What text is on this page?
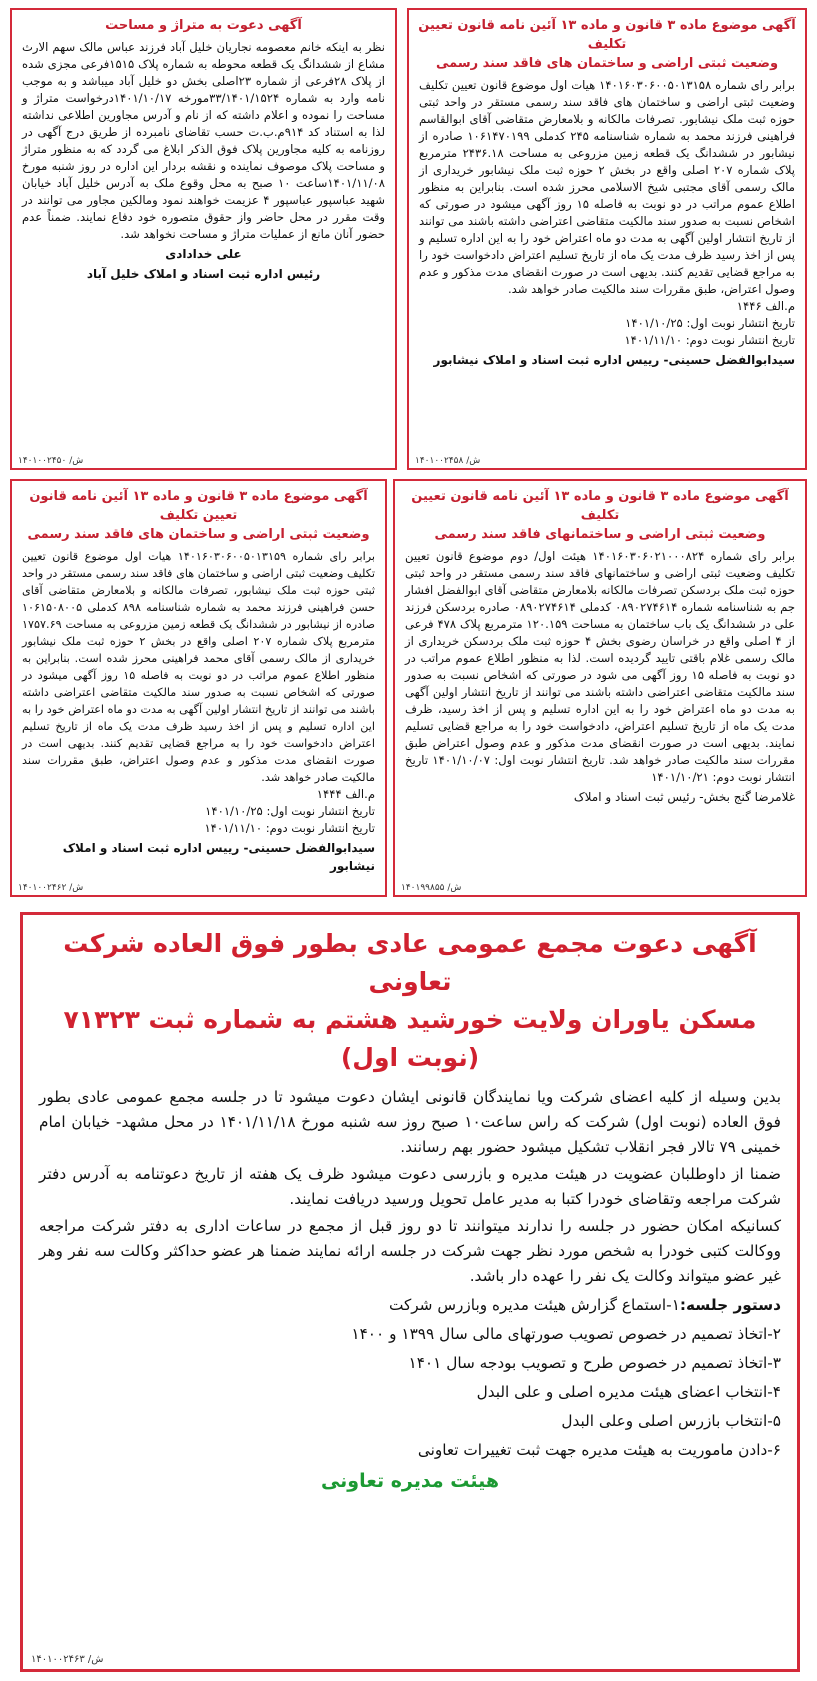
آگهی موضوع ماده ۳ قانون و ماده ۱۳ آئین نامه قانون تعیین تکلیف
وضعیت ثبتی اراضی و ساختمان های فاقد سند رسمی

برابر رای شماره ۱۴۰۱۶۰۳۰۶۰۰۵۰۱۳۱۵۸ هیات اول موضوع قانون تعیین تکلیف وضعیت ثبتی اراضی و ساختمان های فاقد سند رسمی مستقر در واحد ثبتی حوزه ثبت ملک نیشابور. تصرفات مالکانه و بلامعارض متقاضی آقای ابوالقاسم فراهینی فرزند محمد به شماره شناسنامه ۲۴۵ کدملی ۱۰۶۱۴۷۰۱۹۹ صادره از نیشابور در ششدانگ یک قطعه زمین مزروعی به مساحت ۲۴۳۶.۱۸ مترمربع پلاک شماره ۲۰۷ اصلی واقع در بخش ۲ حوزه ثبت ملک نیشابور خریداری از مالک رسمی آقای مجتبی شیخ الاسلامی محرز شده است. بنابراین به منظور اطلاع عموم مراتب در دو نوبت به فاصله ۱۵ روز آگهی میشود در صورتی که اشخاص نسبت به صدور سند مالکیت متقاضی اعتراضی داشته باشند می توانند از تاریخ انتشار اولین آگهی به مدت دو ماه اعتراض خود را به این اداره تسلیم و پس از اخذ رسید ظرف مدت یک ماه از تاریخ تسلیم اعتراض دادخواست خود را به مراجع قضایی تقدیم کنند. بدیهی است در صورت انقضای مدت مذکور و عدم وصول اعتراض، طبق مقررات سند مالکیت صادر خواهد شد.

م.الف ۱۴۴۶
تاریخ انتشار نوبت اول: ۱۴۰۱/۱۰/۲۵
تاریخ انتشار نوبت دوم: ۱۴۰۱/۱۱/۱۰
سیدابوالفضل حسینی- رییس اداره ثبت اسناد و املاک نیشابور
۱۴۰۱۰۰۲۴۵۸ /ش
آگهی دعوت به متراژ و مساحت

نظر به اینکه خانم معصومه نجاریان خلیل آباد فرزند عباس مالک سهم الارث مشاع از ششدانگ یک قطعه محوطه به شماره پلاک ۱۵۱۵فرعی مجزی شده از پلاک ۲۸فرعی از شماره ۲۳اصلی بخش دو خلیل آباد میباشد و به موجب نامه وارد به شماره ۳۳/۱۴۰۱/۱۵۲۴مورخه ۱۴۰۱/۱۰/۱۷درخواست متراژ و مساحت را نموده و اعلام داشته که از نام و آدرس مجاورین اطلاعی نداشته لذا به استناد کد ۹۱۴م.ب.ت حسب تقاضای نامبرده از طریق درج آگهی در روزنامه به کلیه مجاورین پلاک فوق الذکر ابلاغ می گردد که به منظور متراژ و مساحت پلاک موصوف نماینده و نقشه بردار این اداره در روز شنبه مورخ ۱۴۰۱/۱۱/۰۸ساعت ۱۰ صبح به محل وقوع ملک به آدرس خلیل آباد خیابان شهید عباسپور عباسپور ۴ عزیمت خواهند نمود ومالکین مجاور می توانند در وقت مقرر در محل حاضر واز حقوق متصوره خود دفاع نمایند. ضمناً عدم حضور آنان مانع از عملیات متراژ و مساحت نخواهد شد.

علی خدادادی
رئیس اداره ثبت اسناد و املاک خلیل آباد
۱۴۰۱۰۰۲۴۵۰ /ش
آگهی موضوع ماده ۳ قانون و ماده ۱۳ آئین نامه قانون تعیین تکلیف
وضعیت ثبتی اراضی و ساختمانهای فاقد سند رسمی

برابر رای شماره ۱۴۰۱۶۰۳۰۶۰۲۱۰۰۰۸۲۴ هیئت اول/ دوم موضوع قانون تعیین تکلیف وضعیت ثبتی اراضی و ساختمانهای فاقد سند رسمی مستقر در واحد ثبتی حوزه ثبت ملک بردسکن تصرفات مالکانه بلامعارض متقاضی آقای ابوالفضل افشار جم به شناسنامه شماره ۰۸۹۰۲۷۴۶۱۴ کدملی ۰۸۹۰۲۷۴۶۱۴ صادره بردسکن فرزند علی در ششدانگ یک باب ساختمان به مساحت ۱۲۰.۱۵۹ مترمربع پلاک ۴۷۸ فرعی از ۴ اصلی واقع در خراسان رضوی بخش ۴ حوزه ثبت ملک بردسکن خریداری از مالک رسمی غلام باقتی تایید گردیده است. لذا به منظور اطلاع عموم مراتب در دو نوبت به فاصله ۱۵ روز آگهی می شود در صورتی که اشخاص نسبت به صدور سند مالکیت متقاضی اعتراضی داشته باشند می توانند از تاریخ انتشار اولین آگهی به مدت دو ماه اعتراض خود را به این اداره تسلیم و پس از اخذ رسید، ظرف مدت یک ماه از تاریخ تسلیم اعتراض، دادخواست خود را به مراجع قضایی تسلیم نمایند. بدیهی است در صورت انقضای مدت مذکور و عدم وصول اعتراض طبق مقررات سند مالکیت صادر خواهد شد. تاریخ انتشار نوبت اول: ۱۴۰۱/۱۰/۰۷ تاریخ انتشار نوبت دوم: ۱۴۰۱/۱۰/۲۱

غلامرضا گنج بخش- رئیس ثبت اسناد و املاک
۱۴۰۱۹۹۸۵۵ /ش
آگهی موضوع ماده ۳ قانون و ماده ۱۳ آئین نامه قانون تعیین تکلیف
وضعیت ثبتی اراضی و ساختمان های فاقد سند رسمی

برابر رای شماره ۱۴۰۱۶۰۳۰۶۰۰۵۰۱۳۱۵۹ هیات اول موضوع قانون تعیین تکلیف وضعیت ثبتی اراضی و ساختمان های فاقد سند رسمی مستقر در واحد ثبتی حوزه ثبت ملک نیشابور، تصرفات مالکانه و بلامعارض متقاضی آقای حسن فراهینی فرزند محمد به شماره شناسنامه ۸۹۸ کدملی ۱۰۶۱۵۰۸۰۰۵ صادره از نیشابور در ششدانگ یک قطعه زمین مزروعی به مساحت ۱۷۵۷.۶۹ مترمربع پلاک شماره ۲۰۷ اصلی واقع در بخش ۲ حوزه ثبت ملک نیشابور خریداری از مالک رسمی آقای محمد فراهینی محرز شده است. بنابراین به منظور اطلاع عموم مراتب در دو نوبت به فاصله ۱۵ روز آگهی میشود در صورتی که اشخاص نسبت به صدور سند مالکیت متقاضی اعتراضی داشته باشند می توانند از تاریخ انتشار اولین آگهی به مدت دو ماه اعتراض خود را به این اداره تسلیم و پس از اخذ رسید ظرف مدت یک ماه از تاریخ تسلیم اعتراض دادخواست خود را به مراجع قضایی تقدیم کنند. بدیهی است در صورت انقضای مدت مذکور و عدم وصول اعتراض، طبق مقررات سند مالکیت صادر خواهد شد.

م.الف ۱۴۴۴
تاریخ انتشار نوبت اول: ۱۴۰۱/۱۰/۲۵
تاریخ انتشار نوبت دوم: ۱۴۰۱/۱۱/۱۰
سیدابوالفضل حسینی- رییس اداره ثبت اسناد و املاک نیشابور
۱۴۰۱۰۰۲۴۶۲ /ش
آگهی دعوت مجمع عمومی عادی بطور فوق العاده شرکت تعاونی
مسکن یاوران ولایت خورشید هشتم به شماره ثبت ۷۱۳۲۳ (نوبت اول)

بدین وسیله از کلیه اعضای شرکت ویا نمایندگان قانونی ایشان دعوت میشود تا در جلسه مجمع عمومی عادی بطور فوق العاده (نوبت اول) شرکت که راس ساعت۱۰ صبح روز سه شنبه مورخ ۱۴۰۱/۱۱/۱۸ در محل مشهد- خیابان امام خمینی ۷۹ تالار فجر انقلاب تشکیل میشود حضور بهم رسانند.

ضمنا از داوطلبان عضویت در هیئت مدیره و بازرسی دعوت میشود ظرف یک هفته از تاریخ دعوتنامه به آدرس دفتر شرکت مراجعه وتقاضای خودرا کتبا به مدیر عامل تحویل ورسید دریافت نمایند.

کسانیکه امکان حضور در جلسه را ندارند میتوانند تا دو روز قبل از مجمع در ساعات اداری به دفتر شرکت مراجعه ووکالت کتبی خودرا به شخص مورد نظر جهت شرکت در جلسه ارائه نمایند ضمنا هر عضو حداکثر وکالت سه نفر وهر غیر عضو میتواند وکالت یک نفر را عهده دار باشد.

دستور جلسه:۱-استماع گزارش هیئت مدیره وبازرس شرکت
۲-اتخاذ تصمیم در خصوص تصویب صورتهای مالی سال ۱۳۹۹ و ۱۴۰۰
۳-اتخاذ تصمیم در خصوص طرح و تصویب بودجه سال ۱۴۰۱
۴-انتخاب اعضای هیئت مدیره اصلی و علی البدل
۵-انتخاب بازرس اصلی وعلی البدل
۶-دادن ماموریت به هیئت مدیره جهت ثبت تغییرات تعاونی
هیئت مدیره تعاونی
۱۴۰۱۰۰۲۴۶۳ /ش
